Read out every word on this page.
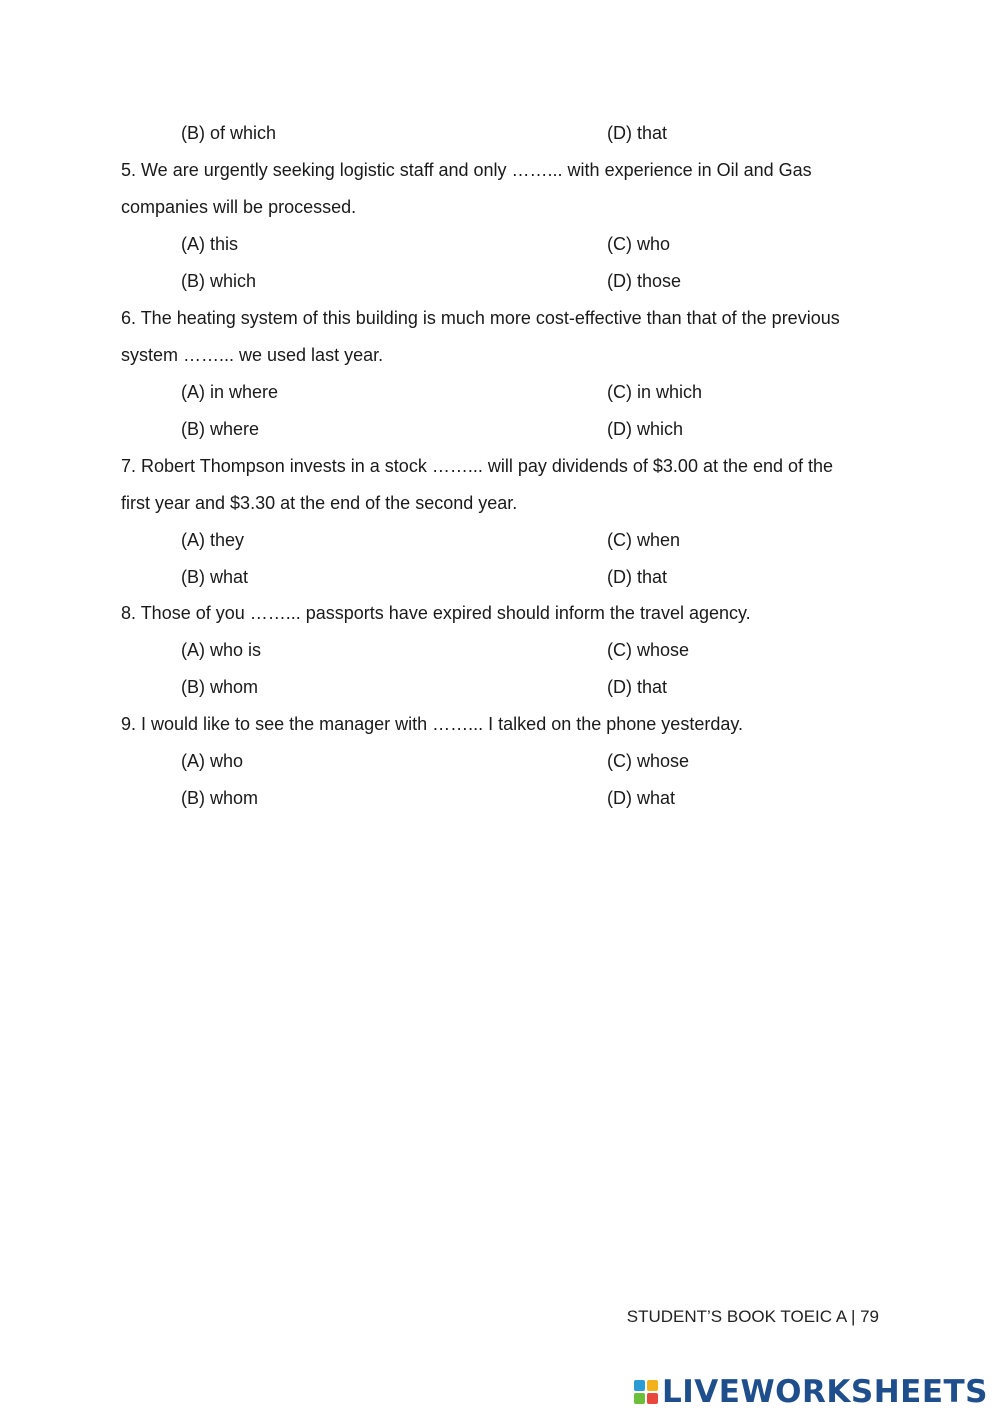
(B) of which	(D) that
5. We are urgently seeking logistic staff and only ……... with experience in Oil and Gas
companies will be processed.
(A) this	(C) who
(B) which	(D) those
6. The heating system of this building is much more cost-effective than that of the previous
system ……... we used last year.
(A) in where	(C) in which
(B) where	(D) which
7. Robert Thompson invests in a stock ……... will pay dividends of $3.00 at the end of the
first year and $3.30 at the end of the second year.
(A) they	(C) when
(B) what	(D) that
8. Those of you ……... passports have expired should inform the travel agency.
(A) who is	(C) whose
(B) whom	(D) that
9. I would like to see the manager with ……... I talked on the phone yesterday.
(A) who	(C) whose
(B) whom	(D) what
STUDENT’S BOOK TOEIC A | 79
LIVEWORKSHEETS
